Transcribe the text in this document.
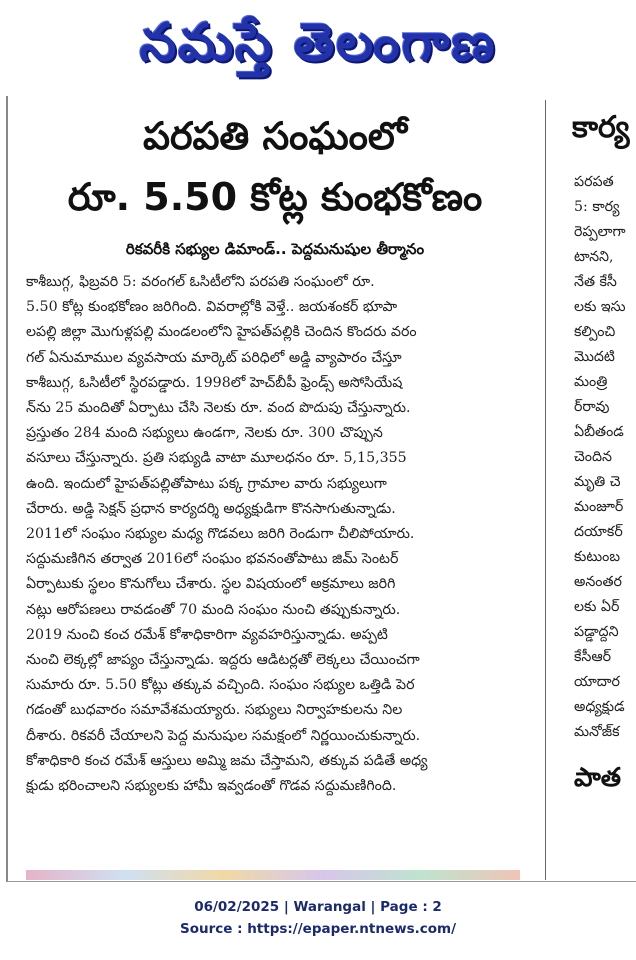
నమస్తే తెలంగాణ
పరపతి సంఘంలో
రూ. 5.50 కోట్ల కుంభకోణం
రికవరీకి సభ్యుల డిమాండ్.. పెద్దమనుషుల తీర్మానం
కాశీబుగ్గ, ఫిబ్రవరి 5: వరంగల్ ఓసిటీలోని పరపతి సంఘంలో రూ.
5.50 కోట్ల కుంభకోణం జరిగింది. వివరాల్లోకి వెళ్తే.. జయశంకర్ భూపా
లపల్లి జిల్లా మొగుళ్లపల్లి మండలంలోని హైపత్‌పల్లికి చెందిన కొందరు వరం
గల్ ఏనుమాముల వ్యవసాయ మార్కెట్ పరిధిలో అడ్డి వ్యాపారం చేస్తూ
కాశీబుగ్గ, ఓసిటీలో స్థిరపడ్డారు. 1998లో హెచ్‌బీపీ ఫ్రెండ్స్ అసోసియేష
న్‌ను 25 మందితో ఏర్పాటు చేసి నెలకు రూ. వంద పొదుపు చేస్తున్నారు.
ప్రస్తుతం 284 మంది సభ్యులు ఉండగా, నెలకు రూ. 300 చొప్పున
వసూలు చేస్తున్నారు. ప్రతి సభ్యుడి వాటా మూలధనం రూ. 5,15,355
ఉంది. ఇందులో హైపత్‌పల్లితోపాటు పక్క గ్రామాల వారు సభ్యులుగా
చేరారు. అడ్డి సెక్షన్ ప్రధాన కార్యదర్శి అధ్యక్షుడిగా కొనసాగుతున్నాడు.
2011లో సంఘం సభ్యుల మధ్య గొడవలు జరిగి రెండుగా చీలిపోయారు.
సద్దుమణిగిన తర్వాత 2016లో సంఘం భవనంతోపాటు జిమ్ సెంటర్
ఏర్పాటుకు స్థలం కొనుగోలు చేశారు. స్థల విషయంలో అక్రమాలు జరిగి
నట్లు ఆరోపణలు రావడంతో 70 మంది సంఘం నుంచి తప్పుకున్నారు.
2019 నుంచి కంచ రమేశ్ కోశాధికారిగా వ్యవహరిస్తున్నాడు. అప్పటి
నుంచి లెక్కల్లో జాప్యం చేస్తున్నాడు. ఇద్దరు ఆడిటర్లతో లెక్కలు చేయించగా
సుమారు రూ. 5.50 కోట్లు తక్కువ వచ్చింది. సంఘం సభ్యుల ఒత్తిడి పెర
గడంతో బుధవారం సమావేశమయ్యారు. సభ్యులు నిర్వాహకులను నిల
దీశారు. రికవరీ చేయాలని పెద్ద మనుషుల సమక్షంలో నిర్ణయించుకున్నారు.
కోశాధికారి కంచ రమేశ్ ఆస్తులు అమ్మి జమ చేస్తామని, తక్కువ పడితే అధ్య
క్షుడు భరించాలని సభ్యులకు హామీ ఇవ్వడంతో గొడవ సద్దుమణిగింది.
కార్య
పరపత
5: కార్య
రెప్పలాగా
టానని,
నేత కేసీ
లకు ఇసు
కల్పించి
మొదటి
మంత్రి
ర్‌రావు
ఏబీతండ
చెందిన
మృతి చె
మంజూర్
దయాకర్
కుటుంబ
అనంతర
లకు ఏర్
పడ్డాద్దని
కేసీఆర్
యాదార
అధ్యక్షుడ
మనోజ్‌క
పాత
06/02/2025 | Warangal | Page : 2
Source : https://epaper.ntnews.com/
